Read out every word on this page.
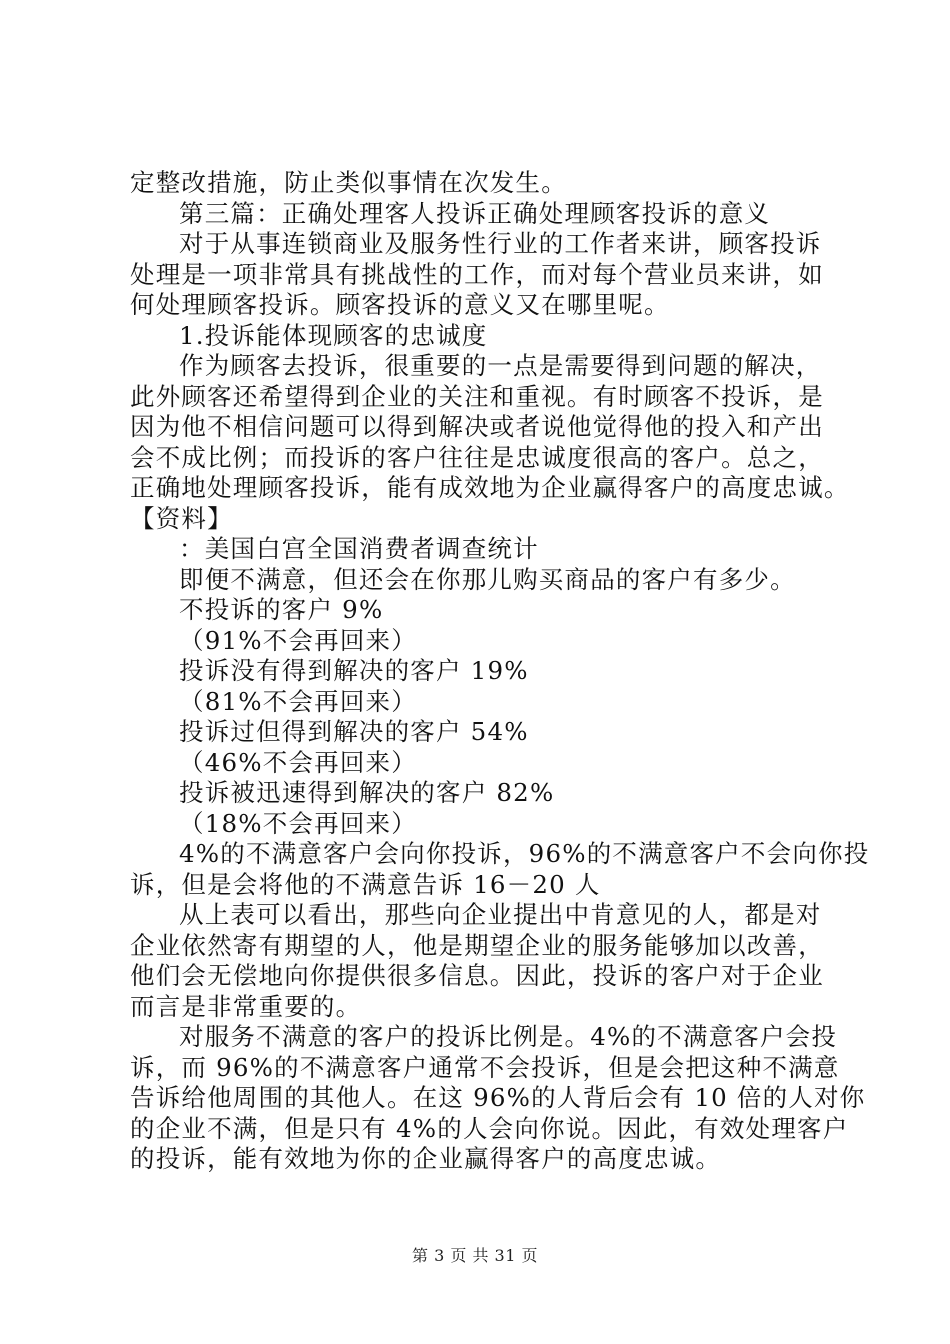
定整改措施，防止类似事情在次发生。
第三篇：正确处理客人投诉正确处理顾客投诉的意义
对于从事连锁商业及服务性行业的工作者来讲，顾客投诉
处理是一项非常具有挑战性的工作，而对每个营业员来讲，如
何处理顾客投诉。顾客投诉的意义又在哪里呢。
1.投诉能体现顾客的忠诚度
作为顾客去投诉，很重要的一点是需要得到问题的解决，
此外顾客还希望得到企业的关注和重视。有时顾客不投诉，是
因为他不相信问题可以得到解决或者说他觉得他的投入和产出
会不成比例；而投诉的客户往往是忠诚度很高的客户。总之，
正确地处理顾客投诉，能有成效地为企业赢得客户的高度忠诚。
【资料】
：美国白宫全国消费者调查统计
即便不满意，但还会在你那儿购买商品的客户有多少。
不投诉的客户 9%
（91%不会再回来）
投诉没有得到解决的客户 19%
（81%不会再回来）
投诉过但得到解决的客户 54%
（46%不会再回来）
投诉被迅速得到解决的客户 82%
（18%不会再回来）
4%的不满意客户会向你投诉，96%的不满意客户不会向你投
诉，但是会将他的不满意告诉 16－20 人
从上表可以看出，那些向企业提出中肯意见的人，都是对
企业依然寄有期望的人，他是期望企业的服务能够加以改善，
他们会无偿地向你提供很多信息。因此，投诉的客户对于企业
而言是非常重要的。
对服务不满意的客户的投诉比例是。4%的不满意客户会投
诉，而 96%的不满意客户通常不会投诉，但是会把这种不满意
告诉给他周围的其他人。在这 96%的人背后会有 10 倍的人对你
的企业不满，但是只有 4%的人会向你说。因此，有效处理客户
的投诉，能有效地为你的企业赢得客户的高度忠诚。
第 3 页 共 31 页
